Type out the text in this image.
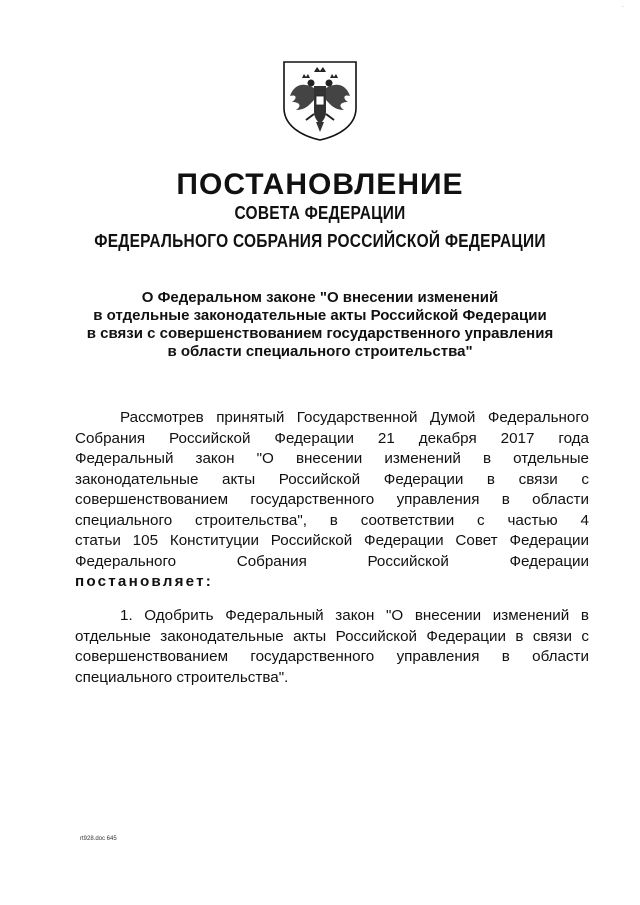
·
ПОСТАНОВЛЕНИЕ
СОВЕТА ФЕДЕРАЦИИ
ФЕДЕРАЛЬНОГО СОБРАНИЯ РОССИЙСКОЙ ФЕДЕРАЦИИ
О Федеральном законе "О внесении изменений
в отдельные законодательные акты Российской Федерации
в связи с совершенствованием государственного управления
в области специального строительства"
Рассмотрев принятый Государственной Думой Федерального
Собрания Российской Федерации 21 декабря 2017 года
Федеральный закон "О внесении изменений в отдельные
законодательные акты Российской Федерации в связи с
совершенствованием государственного управления в области
специального строительства", в соответствии с частью 4
статьи 105 Конституции Российской Федерации Совет Федерации
Федерального Собрания Российской Федерации
постановляет:
1. Одобрить Федеральный закон "О внесении изменений в
отдельные законодательные акты Российской Федерации в связи с
совершенствованием государственного управления в области
специального строительства".
rt928.doc 645
